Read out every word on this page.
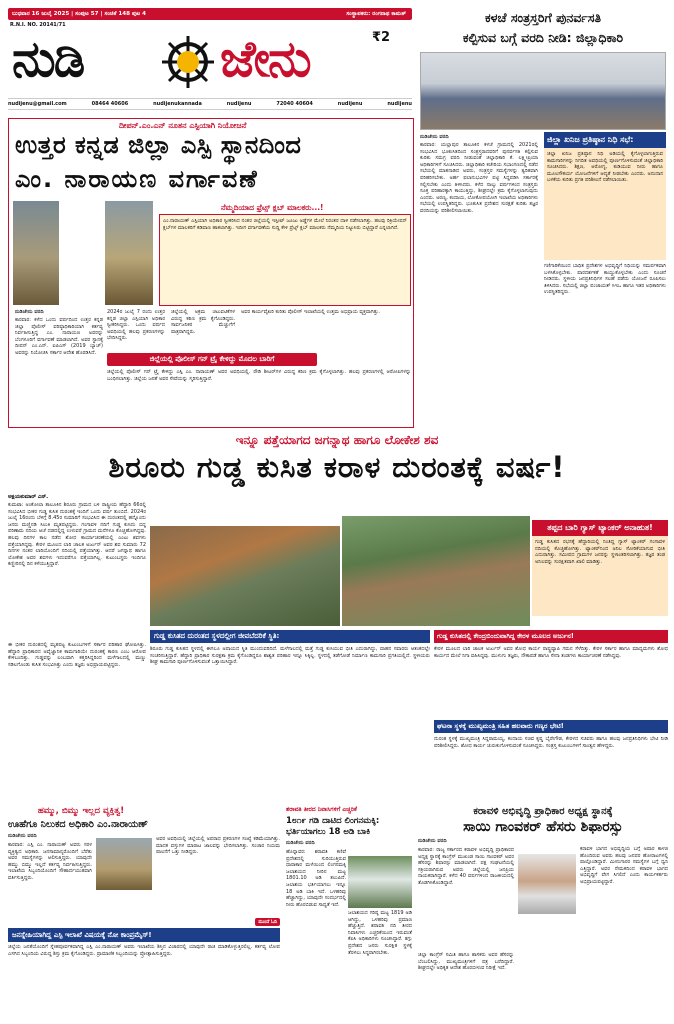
ಬುಧವಾರ 16 ಜುಲೈ 2025 | ಸಂಪುಟ 57 | ಸಂಚಿಕೆ 148 ಪುಟ 4	ಸಂಸ್ಥಾಪಕರು: ರಂಗನಾಥ ಕಾಮತ್
R.N.I. NO. 20141/71
ನುಡಿ	ಜೇನು	₹2
nudijenu@gmail.com	08464 40606	nudijenukannada	nudijenu	72040 40604	nudijenu	nudijenu
ದೀಪನ್.ಎಂ.ಎನ್ ನೂತನ ಎಸ್ಪಿಯಾಗಿ ನಿಯೋಜನೆ
ಉತ್ತರ ಕನ್ನಡ ಜಿಲ್ಲಾ ಎಸ್ಪಿ ಸ್ಥಾನದಿಂದ
ಎಂ. ನಾರಾಯಣ ವರ್ಗಾವಣೆ
ನೆಮ್ಮದಿಯಾದ ಫ್ರೆಟ್ಸ್ ಕ್ಲಬ್ ಮಾಲಕರು...!
ಎಂ.ನಾರಾಯಣ್ ಎಸ್ಪಿಯಾಗಿ ಅಧಿಕಾರ ಸ್ವೀಕರಿಸಿದ ನಂತರ ಜಿಲ್ಲೆಯಲ್ಲಿ ಇಸ್ಪೀಟ್ ಜೂಜು ಅಡ್ಡೆಗಳ ಮೇಲೆ ನಿರಂತರ ದಾಳಿ ನಡೆಸಲಾಗಿತ್ತು. ಹಲವು ರಿಕ್ರಿಯೇಷನ್ ಕ್ಲಬ್‌ಗಳ ಮಾಲಕರಿಗೆ ಕಡಿವಾಣ ಹಾಕಲಾಗಿತ್ತು. ಇದೀಗ ವರ್ಗಾವಣೆಯ ಸುದ್ದಿ ಕೇಳಿ ಫ್ರೆಟ್ಸ್ ಕ್ಲಬ್ ಮಾಲಕರು ನೆಮ್ಮದಿಯ ನಿಟ್ಟುಸಿರು ಬಿಟ್ಟಿದ್ದಾರೆ ಎನ್ನಲಾಗಿದೆ.
ನುಡಿಜೇನು ವರದಿ
ಕಾರವಾರ: ಕಳೆದ ಒಂದು ವರ್ಷದಿಂದ ಉತ್ತರ ಕನ್ನಡ ಜಿಲ್ಲಾ ಪೊಲೀಸ್ ವರಿಷ್ಠಾಧಿಕಾರಿಯಾಗಿ ಕರ್ತವ್ಯ ನಿರ್ವಹಿಸುತ್ತಿದ್ದ ಎಂ. ನಾರಾಯಣ ಅವರನ್ನು ಬೆಂಗಳೂರಿಗೆ ವರ್ಗಾವಣೆ ಮಾಡಲಾಗಿದೆ. ಅವರ ಸ್ಥಾನಕ್ಕೆ ದೀಪನ್ ಎಂ.ಎನ್. ಐಪಿಎಸ್ (2019 ಬ್ಯಾಚ್) ಅವರನ್ನು ನಿಯೋಜಿಸಿ ಸರ್ಕಾರ ಆದೇಶ ಹೊರಡಿಸಿದೆ.
2024ರ ಜುಲೈ 7 ರಂದು ಉತ್ತರ ಕನ್ನಡ ಜಿಲ್ಲಾ ಎಸ್ಪಿಯಾಗಿ ಅಧಿಕಾರ ಸ್ವೀಕರಿಸಿದ್ದರು. ಒಂದು ವರ್ಷದ ಅವಧಿಯಲ್ಲಿ ಹಲವು ಪ್ರಕರಣಗಳನ್ನು ಭೇದಿಸಿದ್ದರು.
ಜಿಲ್ಲೆಯಲ್ಲಿ ಅಕ್ರಮ ಚಟುವಟಿಕೆಗಳ ವಿರುದ್ಧ ಕಠಿಣ ಕ್ರಮ ಕೈಗೊಂಡಿದ್ದರು. ಸಾರ್ವಜನಿಕರ ಮೆಚ್ಚುಗೆಗೆ ಪಾತ್ರರಾಗಿದ್ದರು.
ಅವರ ಕಾರ್ಯವೈಖರಿ ಕುರಿತು ಪೊಲೀಸ್ ಇಲಾಖೆಯಲ್ಲಿ ಉತ್ತಮ ಅಭಿಪ್ರಾಯ ವ್ಯಕ್ತವಾಗಿತ್ತು.
ಜಿಲ್ಲೆಯಲ್ಲಿ ಪೊಲೀಸ್ ಗನ್ ಟ್ರೈ ಕೇಳಿದ್ದು ಮೊದಲ ಬಾರಿಗೆ
ಜಿಲ್ಲೆಯಲ್ಲಿ ಪೊಲೀಸ್ ಗನ್ ಟ್ರೈ ಕೇಳಿದ್ದು ಎಸ್ಪಿ ಎಂ. ನಾರಾಯಣ್ ಅವರ ಅವಧಿಯಲ್ಲಿ. ರೌಡಿ ಶೀಟರ್‌ಗಳ ವಿರುದ್ಧ ಕಠಿಣ ಕ್ರಮ ಕೈಗೊಳ್ಳಲಾಗಿತ್ತು. ಹಲವು ಪ್ರಕರಣಗಳಲ್ಲಿ ಆರೋಪಿಗಳನ್ನು ಬಂಧಿಸಲಾಗಿತ್ತು. ಜಿಲ್ಲೆಯ ಜನತೆ ಅವರ ಸೇವೆಯನ್ನು ಸ್ಮರಿಸುತ್ತಿದ್ದಾರೆ.
ಕಳಚೆ ಸಂತ್ರಸ್ತರಿಗೆ ಪುನರ್ವಸತಿ
ಕಲ್ಪಿಸುವ ಬಗ್ಗೆ ವರದಿ ನೀಡಿ: ಜಿಲ್ಲಾಧಿಕಾರಿ
ನುಡಿಜೇನು ವರದಿ
ಕಾರವಾರ: ಯಲ್ಲಾಪುರ ತಾಲೂಕಿನ ಕಳಚೆ ಗ್ರಾಮದಲ್ಲಿ 2021ರಲ್ಲಿ ಸಂಭವಿಸಿದ ಭೂಕುಸಿತದಿಂದ ಸಂತ್ರಸ್ತರಾದವರಿಗೆ ಪುನರ್ವಸತಿ ಕಲ್ಪಿಸುವ ಕುರಿತು ಸಮಗ್ರ ವರದಿ ನೀಡುವಂತೆ ಜಿಲ್ಲಾಧಿಕಾರಿ ಕೆ. ಲಕ್ಷ್ಮೀಪ್ರಿಯಾ ಅಧಿಕಾರಿಗಳಿಗೆ ಸೂಚಿಸಿದರು. ಜಿಲ್ಲಾಧಿಕಾರಿ ಕಚೇರಿಯ ಸಭಾಂಗಣದಲ್ಲಿ ನಡೆದ ಸಭೆಯಲ್ಲಿ ಮಾತನಾಡಿದ ಅವರು, ಸಂತ್ರಸ್ತರ ಸಮಸ್ಯೆಗಳನ್ನು ತ್ವರಿತವಾಗಿ ಪರಿಹರಿಸಬೇಕು. ಅರ್ಹ ಫಲಾನುಭವಿಗಳ ಪಟ್ಟಿ ಸಿದ್ಧಪಡಿಸಿ ಸರ್ಕಾರಕ್ಕೆ ಸಲ್ಲಿಸಬೇಕು ಎಂದು ತಿಳಿಸಿದರು. ಕಳೆದ ನಾಲ್ಕು ವರ್ಷಗಳಿಂದ ಸಂತ್ರಸ್ತರು ಸೂಕ್ತ ಪರಿಹಾರಕ್ಕಾಗಿ ಕಾಯುತ್ತಿದ್ದು, ಶೀಘ್ರದಲ್ಲೇ ಕ್ರಮ ಕೈಗೊಳ್ಳಲಾಗುವುದು ಎಂದರು. ಅರಣ್ಯ, ಕಂದಾಯ, ಲೋಕೋಪಯೋಗಿ ಇಲಾಖೆಯ ಅಧಿಕಾರಿಗಳು ಸಭೆಯಲ್ಲಿ ಉಪಸ್ಥಿತರಿದ್ದರು. ಭೂಕುಸಿತ ಪ್ರದೇಶದ ಸುರಕ್ಷತೆ ಕುರಿತು ತಜ್ಞರ ವರದಿಯನ್ನು ಪರಿಶೀಲಿಸಲಾಯಿತು.
ಜಿಲ್ಲಾ ಖನಿಜ ಪ್ರತಿಷ್ಠಾನ ನಿಧಿ ಸಭೆ:
ಜಿಲ್ಲಾ ಖನಿಜ ಪ್ರತಿಷ್ಠಾನ ನಿಧಿ ಅಡಿಯಲ್ಲಿ ಕೈಗೊಳ್ಳಲಾಗುತ್ತಿರುವ ಕಾಮಗಾರಿಗಳನ್ನು ನಿಗದಿತ ಅವಧಿಯಲ್ಲಿ ಪೂರ್ಣಗೊಳಿಸುವಂತೆ ಜಿಲ್ಲಾಧಿಕಾರಿ ಸೂಚಿಸಿದರು. ಶಿಕ್ಷಣ, ಆರೋಗ್ಯ, ಕುಡಿಯುವ ನೀರು ಹಾಗೂ ಮೂಲಸೌಕರ್ಯ ಯೋಜನೆಗಳಿಗೆ ಆದ್ಯತೆ ನೀಡಬೇಕು ಎಂದರು. ಅನುದಾನ ಬಳಕೆಯ ಕುರಿತು ಪ್ರಗತಿ ಪರಿಶೀಲನೆ ನಡೆಸಲಾಯಿತು.
ಗಣಿಗಾರಿಕೆಯಿಂದ ಬಾಧಿತ ಪ್ರದೇಶಗಳ ಅಭಿವೃದ್ಧಿಗೆ ನಿಧಿಯನ್ನು ಸಮರ್ಪಕವಾಗಿ ಬಳಸಿಕೊಳ್ಳಬೇಕು. ಪಾರದರ್ಶಕತೆ ಕಾಯ್ದುಕೊಳ್ಳಬೇಕು ಎಂದು ಸೂಚನೆ ನೀಡಿದರು. ಸ್ಥಳೀಯ ಜನಪ್ರತಿನಿಧಿಗಳ ಸಲಹೆ ಪಡೆದು ಯೋಜನೆ ರೂಪಿಸಲು ತಿಳಿಸಿದರು. ಸಭೆಯಲ್ಲಿ ಜಿಲ್ಲಾ ಪಂಚಾಯತ್ ಸಿಇಒ ಹಾಗೂ ಇತರ ಅಧಿಕಾರಿಗಳು ಉಪಸ್ಥಿತರಿದ್ದರು.
ಇನ್ನೂ ಪತ್ತೆಯಾಗದ ಜಗನ್ನಾಥ ಹಾಗೂ ಲೋಕೇಶ ಶವ
ಶಿರೂರು ಗುಡ್ಡ ಕುಸಿತ ಕರಾಳ ದುರಂತಕ್ಕೆ ವರ್ಷ!
ಅಕ್ಷಯಕುಮಾರ್ ಎನ್.
ಕುಮಟಾ: ಅಂಕೋಲಾ ತಾಲೂಕಿನ ಶಿರೂರು ಗ್ರಾಮದ ಬಳಿ ರಾಷ್ಟ್ರೀಯ ಹೆದ್ದಾರಿ 66ರಲ್ಲಿ ಸಂಭವಿಸಿದ ಭೀಕರ ಗುಡ್ಡ ಕುಸಿತ ದುರಂತಕ್ಕೆ ಇಂದಿಗೆ ಒಂದು ವರ್ಷ ತುಂಬಿದೆ. 2024ರ ಜುಲೈ 16ರಂದು ಬೆಳಿಗ್ಗೆ 8.45ರ ಸುಮಾರಿಗೆ ಸಂಭವಿಸಿದ ಈ ದುರಂತದಲ್ಲಿ ಹನ್ನೊಂದು ಜನರು ಮಣ್ಣಿನಡಿ ಸಿಲುಕಿ ಮೃತಪಟ್ಟಿದ್ದರು. ಗಂಗಾವಳಿ ನದಿಗೆ ಗುಡ್ಡ ಕುಸಿದು ಬಿದ್ದ ಪರಿಣಾಮ ನದಿಯ ಆಚೆ ದಡದಲ್ಲಿದ್ದ ಉಳುವರೆ ಗ್ರಾಮದ ಮನೆಗಳೂ ಕೊಚ್ಚಿಹೋಗಿದ್ದವು. ಹಲವು ದಿನಗಳ ಕಾಲ ನಡೆದ ಶೋಧ ಕಾರ್ಯಾಚರಣೆಯಲ್ಲಿ ಎಂಟು ಶವಗಳು ಪತ್ತೆಯಾಗಿದ್ದವು. ಕೇರಳ ಮೂಲದ ಲಾರಿ ಚಾಲಕ ಅರ್ಜುನ್ ಅವರ ಶವ ಸುಮಾರು 72 ದಿನಗಳ ನಂತರ ಲಾರಿಯೊಂದಿಗೆ ನದಿಯಲ್ಲಿ ಪತ್ತೆಯಾಗಿತ್ತು. ಆದರೆ ಜಗನ್ನಾಥ ಹಾಗೂ ಲೋಕೇಶ ಅವರ ಶವಗಳು ಇದುವರೆಗೂ ಪತ್ತೆಯಾಗಿಲ್ಲ. ಕುಟುಂಬಸ್ಥರು ಇಂದಿಗೂ ಕಣ್ಣೀರಿನಲ್ಲಿ ದಿನ ಕಳೆಯುತ್ತಿದ್ದಾರೆ.
ಈ ಭೀಕರ ದುರಂತದಲ್ಲಿ ಮೃತಪಟ್ಟ ಕುಟುಂಬಗಳಿಗೆ ಸರ್ಕಾರ ಪರಿಹಾರ ಘೋಷಿಸಿತ್ತು. ಹೆದ್ದಾರಿ ಪ್ರಾಧಿಕಾರದ ಅವೈಜ್ಞಾನಿಕ ಕಾಮಗಾರಿಯೇ ದುರಂತಕ್ಕೆ ಕಾರಣ ಎಂಬ ಆರೋಪ ಕೇಳಿಬಂದಿತ್ತು. ಗುಡ್ಡವನ್ನು ಲಂಬವಾಗಿ ಕತ್ತರಿಸಿದ್ದರಿಂದ ಮಳೆಗಾಲದಲ್ಲಿ ಮಣ್ಣು ಸಡಿಲಗೊಂಡು ಕುಸಿತ ಸಂಭವಿಸಿತ್ತು ಎಂದು ತಜ್ಞರು ಅಭಿಪ್ರಾಯಪಟ್ಟಿದ್ದರು.
ತಪ್ಪದ ಬಾರಿ ಗ್ಯಾಸ್ ಟ್ಯಾಂಕರ್ ಅನಾಹುತ!
ಗುಡ್ಡ ಕುಸಿತದ ರಭಸಕ್ಕೆ ಹೆದ್ದಾರಿಯಲ್ಲಿ ನಿಂತಿದ್ದ ಗ್ಯಾಸ್ ಟ್ಯಾಂಕರ್ ಗಂಗಾವಳಿ ನದಿಯಲ್ಲಿ ಕೊಚ್ಚಿಹೋಗಿತ್ತು. ಟ್ಯಾಂಕರ್‌ನಿಂದ ಅನಿಲ ಸೋರಿಕೆಯಾಗುವ ಭೀತಿ ಎದುರಾಗಿತ್ತು. ಸಮೀಪದ ಗ್ರಾಮಗಳ ಜನರನ್ನು ಸ್ಥಳಾಂತರಿಸಲಾಗಿತ್ತು. ತಜ್ಞರ ತಂಡ ಅನಿಲವನ್ನು ಸುರಕ್ಷಿತವಾಗಿ ಖಾಲಿ ಮಾಡಿತ್ತು.
ಗುಡ್ಡ ಕುಸಿತದ ದುರಂತದ ಸ್ಥಳದಲ್ಲೀಗ ಜೀವಬೆದರಿಕೆ ಸ್ಥಿತಿ:
ಶಿರೂರು ಗುಡ್ಡ ಕುಸಿತದ ಸ್ಥಳದಲ್ಲಿ ಈಗಲೂ ಅಪಾಯದ ಸ್ಥಿತಿ ಮುಂದುವರಿದಿದೆ. ಮಳೆಗಾಲದಲ್ಲಿ ಮತ್ತೆ ಗುಡ್ಡ ಕುಸಿಯುವ ಭೀತಿ ಎದುರಾಗಿದ್ದು, ವಾಹನ ಸವಾರರು ಆತಂಕದಲ್ಲೇ ಸಂಚರಿಸುತ್ತಿದ್ದಾರೆ. ಹೆದ್ದಾರಿ ಪ್ರಾಧಿಕಾರ ಸುರಕ್ಷತಾ ಕ್ರಮ ಕೈಗೊಂಡಿದ್ದರೂ ಶಾಶ್ವತ ಪರಿಹಾರ ಇನ್ನೂ ಸಿಕ್ಕಿಲ್ಲ. ಸ್ಥಳದಲ್ಲಿ ತಡೆಗೋಡೆ ನಿರ್ಮಾಣ ಕಾಮಗಾರಿ ಪ್ರಗತಿಯಲ್ಲಿದೆ. ಸ್ಥಳೀಯರು ಶೀಘ್ರ ಕಾಮಗಾರಿ ಪೂರ್ಣಗೊಳಿಸುವಂತೆ ಒತ್ತಾಯಿಸಿದ್ದಾರೆ.
ಗುಡ್ಡ ಕುಸಿತದಲ್ಲಿ ಕೇಂದ್ರಬಿಂದುವಾಗಿದ್ದ ಕೇರಳ ಮೂಲದ ಅರ್ಜುನ!
ಕೇರಳ ಮೂಲದ ಲಾರಿ ಚಾಲಕ ಅರ್ಜುನ್ ಅವರ ಶೋಧ ಕಾರ್ಯ ರಾಷ್ಟ್ರವ್ಯಾಪಿ ಗಮನ ಸೆಳೆದಿತ್ತು. ಕೇರಳ ಸರ್ಕಾರ ಹಾಗೂ ಮಾಧ್ಯಮಗಳು ಶೋಧ ಕಾರ್ಯದ ಮೇಲೆ ನಿಗಾ ವಹಿಸಿದ್ದವು. ಮುಳುಗು ತಜ್ಞರು, ನೌಕಾಪಡೆ ಹಾಗೂ ಸೇನಾ ತಂಡಗಳು ಕಾರ್ಯಾಚರಣೆ ನಡೆಸಿದ್ದವು.
ಘಟನಾ ಸ್ಥಳಕ್ಕೆ ಮುಖ್ಯಮಂತ್ರಿ ಸಹಿತ ಹಲವಾರು ಗಣ್ಯರ ಭೇಟಿ!
ದುರಂತ ಸ್ಥಳಕ್ಕೆ ಮುಖ್ಯಮಂತ್ರಿ ಸಿದ್ದರಾಮಯ್ಯ, ಕಂದಾಯ ಸಚಿವ ಕೃಷ್ಣ ಬೈರೇಗೌಡ, ಕೇರಳದ ಸಚಿವರು ಹಾಗೂ ಹಲವು ಜನಪ್ರತಿನಿಧಿಗಳು ಭೇಟಿ ನೀಡಿ ಪರಿಶೀಲಿಸಿದ್ದರು. ಶೋಧ ಕಾರ್ಯ ಚುರುಕುಗೊಳಿಸುವಂತೆ ಸೂಚಿಸಿದ್ದರು. ಸಂತ್ರಸ್ತ ಕುಟುಂಬಗಳಿಗೆ ಸಾಂತ್ವನ ಹೇಳಿದ್ದರು.
ಹಮ್ಮು, ಬಿಮ್ಮು ಇಲ್ಲದ ವ್ಯಕ್ತಿತ್ವ!
ಊಹೆಗೂ ನಿಲುಕದ ಅಧಿಕಾರಿ ಎಂ.ನಾರಾಯಣ್
ನುಡಿಜೇನು ವರದಿ
ಕಾರವಾರ: ಎಸ್ಪಿ ಎಂ. ನಾರಾಯಣ್ ಅವರು ಸರಳ ವ್ಯಕ್ತಿತ್ವದ ಅಧಿಕಾರಿ. ಜನಸಾಮಾನ್ಯರೊಂದಿಗೆ ಬೆರೆತು ಅವರ ಸಮಸ್ಯೆಗಳನ್ನು ಆಲಿಸುತ್ತಿದ್ದರು. ಯಾವುದೇ ಹಮ್ಮು ಬಿಮ್ಮು ಇಲ್ಲದೆ ಕರ್ತವ್ಯ ನಿರ್ವಹಿಸುತ್ತಿದ್ದರು. ಇಲಾಖೆಯ ಸಿಬ್ಬಂದಿಯೊಂದಿಗೆ ಸೌಹಾರ್ದಯುತವಾಗಿ ವರ್ತಿಸುತ್ತಿದ್ದರು.
ಅವರ ಅವಧಿಯಲ್ಲಿ ಜಿಲ್ಲೆಯಲ್ಲಿ ಅಪರಾಧ ಪ್ರಕರಣಗಳ ಸಂಖ್ಯೆ ಕಡಿಮೆಯಾಗಿತ್ತು. ಮಾದಕ ವಸ್ತುಗಳ ಮಾರಾಟ ಜಾಲವನ್ನು ಭೇದಿಸಲಾಗಿತ್ತು. ಸಂಚಾರ ನಿಯಮ ಪಾಲನೆಗೆ ಒತ್ತು ನೀಡಿದ್ದರು.
ಮುಂದೆ ಓದಿ
ಜನಸ್ನೇಹಿಯಾಗಿದ್ದ ಎಸ್ಪಿ ಇಲಾಖೆ ವಿಷಯಕ್ಕೆ ನೋ ಕಾಂಪ್ರಮೈಸ್!
ಜಿಲ್ಲೆಯ ಜನತೆಯೊಂದಿಗೆ ಸ್ನೇಹಪೂರ್ವಕವಾಗಿದ್ದ ಎಸ್ಪಿ ಎಂ.ನಾರಾಯಣ್ ಅವರು ಇಲಾಖೆಯ ಶಿಸ್ತಿನ ವಿಚಾರದಲ್ಲಿ ಯಾವುದೇ ರಾಜಿ ಮಾಡಿಕೊಳ್ಳುತ್ತಿರಲಿಲ್ಲ. ಕರ್ತವ್ಯ ಲೋಪ ಎಸಗಿದ ಸಿಬ್ಬಂದಿಯ ವಿರುದ್ಧ ಶಿಸ್ತು ಕ್ರಮ ಕೈಗೊಂಡಿದ್ದರು. ಪ್ರಾಮಾಣಿಕ ಸಿಬ್ಬಂದಿಯನ್ನು ಪ್ರೋತ್ಸಾಹಿಸುತ್ತಿದ್ದರು.
ಶರಾವತಿ ತೀರದ ನಿವಾಸಿಗಳಿಗೆ ಎಚ್ಚರಿಕೆ
1೮೧೯ ಗಡಿ ದಾಟಿದ ಲಿಂಗನಮಕ್ಕಿ: ಭರ್ತಿಯಾಗಲು 18 ಅಡಿ ಬಾಕಿ
ನುಡಿಜೇನು ವರದಿ
ಹೊನ್ನಾವರ: ಶರಾವತಿ ಕಣಿವೆ ಪ್ರದೇಶದಲ್ಲಿ ಸುರಿಯುತ್ತಿರುವ ಧಾರಾಕಾರ ಮಳೆಯಿಂದ ಲಿಂಗನಮಕ್ಕಿ ಜಲಾಶಯದ ನೀರಿನ ಮಟ್ಟ 1801.10 ಅಡಿ ತಲುಪಿದೆ. ಜಲಾಶಯ ಭರ್ತಿಯಾಗಲು ಇನ್ನೂ 18 ಅಡಿ ಬಾಕಿ ಇದೆ. ಒಳಹರಿವು ಹೆಚ್ಚಾಗಿದ್ದು, ಯಾವುದೇ ಸಂದರ್ಭದಲ್ಲಿ ನೀರು ಹೊರಬಿಡುವ ಸಾಧ್ಯತೆ ಇದೆ.
ಜಲಾಶಯದ ಗರಿಷ್ಠ ಮಟ್ಟ 1819 ಅಡಿ ಆಗಿದ್ದು, ಒಳಹರಿವು ಪ್ರಮಾಣ ಹೆಚ್ಚುತ್ತಿದೆ. ಶರಾವತಿ ನದಿ ತೀರದ ನಿವಾಸಿಗಳು ಎಚ್ಚರಿಕೆಯಿಂದ ಇರುವಂತೆ ಕೆಪಿಸಿ ಅಧಿಕಾರಿಗಳು ಸೂಚಿಸಿದ್ದಾರೆ. ತಗ್ಗು ಪ್ರದೇಶದ ಜನರು ಸುರಕ್ಷಿತ ಸ್ಥಳಕ್ಕೆ ತೆರಳಲು ಸಿದ್ಧರಾಗಿರಬೇಕು.
ಕರಾವಳಿ ಅಭಿವೃದ್ಧಿ ಪ್ರಾಧಿಕಾರ ಅಧ್ಯಕ್ಷ ಸ್ಥಾನಕ್ಕೆ
ಸಾಯಿ ಗಾಂವಕರ್ ಹೆಸರು ಶಿಫಾರಸ್ಸು
ನುಡಿಜೇನು ವರದಿ
ಕಾರವಾರ: ರಾಜ್ಯ ಸರ್ಕಾರದ ಕರಾವಳಿ ಅಭಿವೃದ್ಧಿ ಪ್ರಾಧಿಕಾರದ ಅಧ್ಯಕ್ಷ ಸ್ಥಾನಕ್ಕೆ ಕಾಂಗ್ರೆಸ್ ಮುಖಂಡ ಸಾಯಿ ಗಾಂವಕರ್ ಅವರ ಹೆಸರನ್ನು ಶಿಫಾರಸ್ಸು ಮಾಡಲಾಗಿದೆ. ಪಕ್ಷ ಸಂಘಟನೆಯಲ್ಲಿ ಸಕ್ರಿಯರಾಗಿರುವ ಅವರು ಜಿಲ್ಲೆಯಲ್ಲಿ ಜನಪ್ರಿಯ ನಾಯಕರಾಗಿದ್ದಾರೆ. ಕಳೆದ 40 ವರ್ಷಗಳಿಂದ ರಾಜಕೀಯದಲ್ಲಿ ತೊಡಗಿಸಿಕೊಂಡಿದ್ದಾರೆ.
ಜಿಲ್ಲಾ ಕಾಂಗ್ರೆಸ್ ಸಮಿತಿ ಹಾಗೂ ಶಾಸಕರು ಅವರ ಹೆಸರನ್ನು ಬೆಂಬಲಿಸಿದ್ದು, ಮುಖ್ಯಮಂತ್ರಿಗಳಿಗೆ ಪತ್ರ ಬರೆದಿದ್ದಾರೆ. ಶೀಘ್ರದಲ್ಲೇ ಅಧಿಕೃತ ಆದೇಶ ಹೊರಬೀಳುವ ನಿರೀಕ್ಷೆ ಇದೆ.
ಕರಾವಳಿ ಭಾಗದ ಅಭಿವೃದ್ಧಿಯ ಬಗ್ಗೆ ಅಪಾರ ಕಾಳಜಿ ಹೊಂದಿರುವ ಅವರು ಹಲವು ಜನಪರ ಹೋರಾಟಗಳಲ್ಲಿ ಪಾಲ್ಗೊಂಡಿದ್ದಾರೆ. ಮೀನುಗಾರರ ಸಮಸ್ಯೆಗಳ ಬಗ್ಗೆ ಧ್ವನಿ ಎತ್ತಿದ್ದಾರೆ. ಅವರ ನೇಮಕದಿಂದ ಕರಾವಳಿ ಭಾಗದ ಅಭಿವೃದ್ಧಿಗೆ ವೇಗ ಸಿಗಲಿದೆ ಎಂದು ಕಾರ್ಯಕರ್ತರು ಅಭಿಪ್ರಾಯಪಟ್ಟಿದ್ದಾರೆ.
